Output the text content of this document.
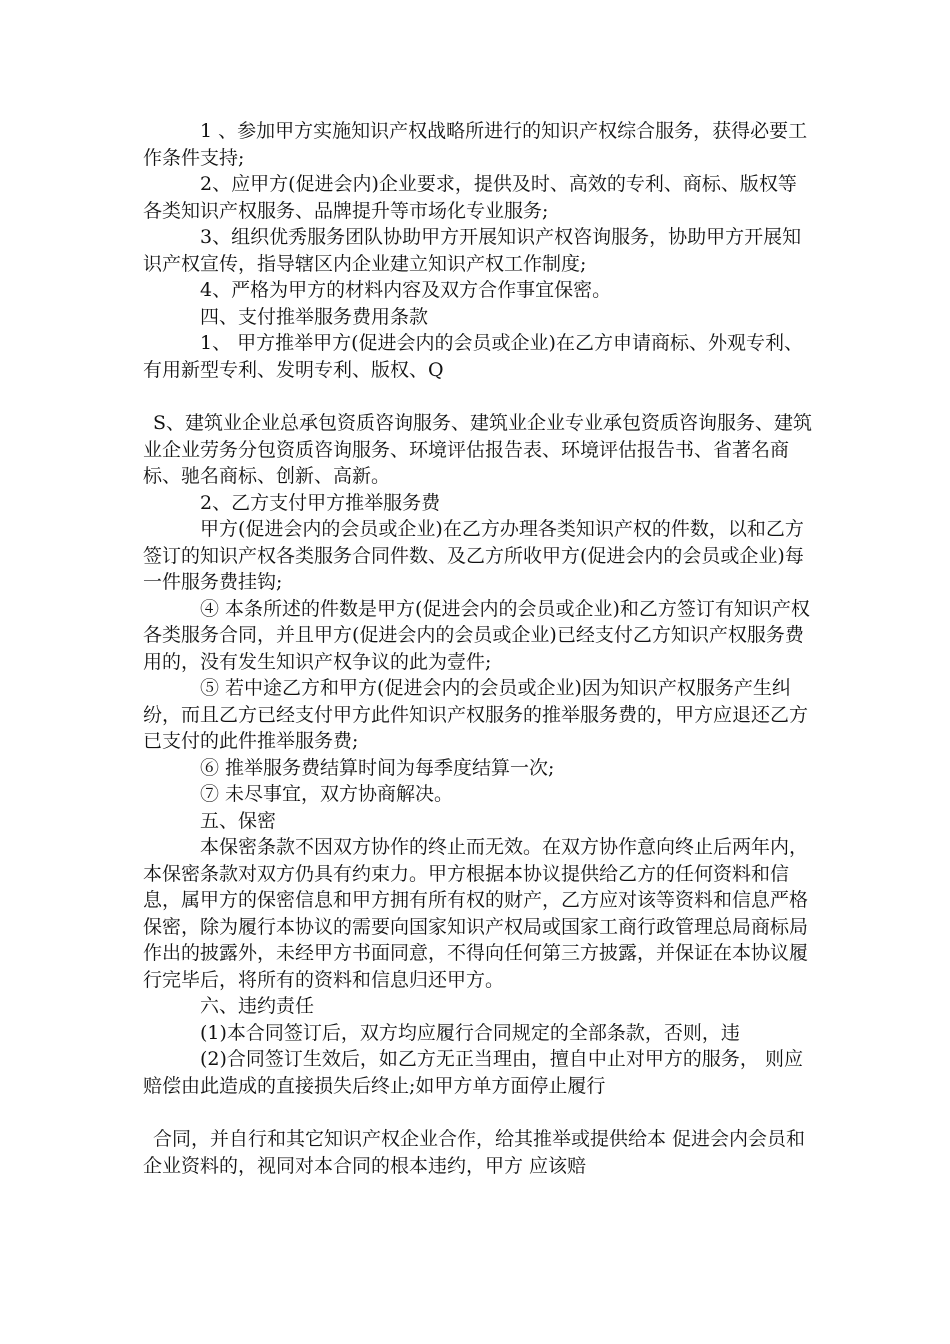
1 、参加甲方实施知识产权战略所进行的知识产权综合服务，获得必要工作条件支持;

2、应甲方(促进会内)企业要求，提供及时、高效的专利、商标、版权等各类知识产权服务、品牌提升等市场化专业服务;

3、组织优秀服务团队协助甲方开展知识产权咨询服务，协助甲方开展知识产权宣传，指导辖区内企业建立知识产权工作制度;

4、严格为甲方的材料内容及双方合作事宜保密。

四、支付推举服务费用条款

1、 甲方推举甲方(促进会内的会员或企业)在乙方申请商标、外观专利、有用新型专利、发明专利、版权、Q

S、建筑业企业总承包资质咨询服务、建筑业企业专业承包资质咨询服务、建筑业企业劳务分包资质咨询服务、环境评估报告表、环境评估报告书、省著名商标、驰名商标、创新、高新。

2、乙方支付甲方推举服务费

甲方(促进会内的会员或企业)在乙方办理各类知识产权的件数，以和乙方签订的知识产权各类服务合同件数、及乙方所收甲方(促进会内的会员或企业)每一件服务费挂钩;

④ 本条所述的件数是甲方(促进会内的会员或企业)和乙方签订有知识产权各类服务合同，并且甲方(促进会内的会员或企业)已经支付乙方知识产权服务费用的，没有发生知识产权争议的此为壹件;

⑤ 若中途乙方和甲方(促进会内的会员或企业)因为知识产权服务产生纠纷，而且乙方已经支付甲方此件知识产权服务的推举服务费的，甲方应退还乙方已支付的此件推举服务费;

⑥ 推举服务费结算时间为每季度结算一次;

⑦ 未尽事宜，双方协商解决。

五、保密

本保密条款不因双方协作的终止而无效。在双方协作意向终止后两年内，本保密条款对双方仍具有约束力。甲方根据本协议提供给乙方的任何资料和信息，属甲方的保密信息和甲方拥有所有权的财产，乙方应对该等资料和信息严格保密，除为履行本协议的需要向国家知识产权局或国家工商行政管理总局商标局作出的披露外，未经甲方书面同意，不得向任何第三方披露，并保证在本协议履行完毕后，将所有的资料和信息归还甲方。

六、违约责任

(1)本合同签订后，双方均应履行合同规定的全部条款，否则，违

(2)合同签订生效后，如乙方无正当理由，擅自中止对甲方的服务， 则应赔偿由此造成的直接损失后终止;如甲方单方面停止履行

合同，并自行和其它知识产权企业合作，给其推举或提供给本 促进会内会员和企业资料的，视同对本合同的根本违约，甲方 应该赔
